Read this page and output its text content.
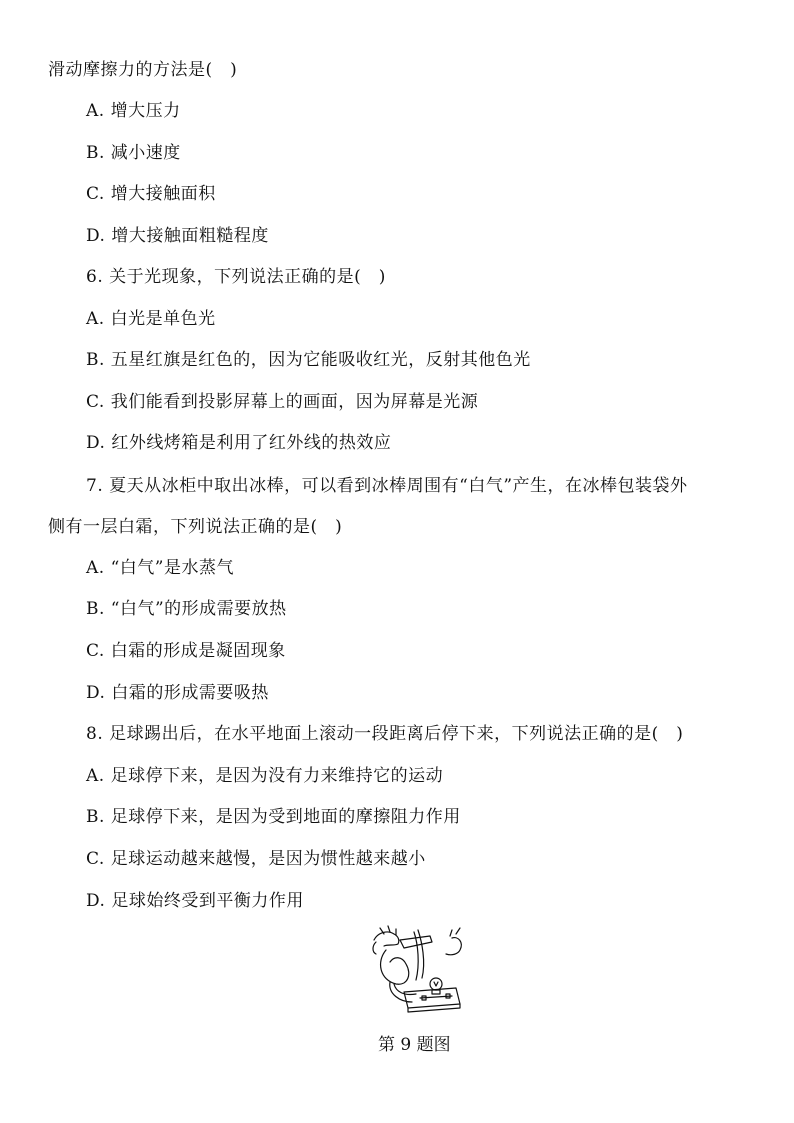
滑动摩擦力的方法是(　)
A. 增大压力
B. 减小速度
C. 增大接触面积
D. 增大接触面粗糙程度
6. 关于光现象，下列说法正确的是(　)
A. 白光是单色光
B. 五星红旗是红色的，因为它能吸收红光，反射其他色光
C. 我们能看到投影屏幕上的画面，因为屏幕是光源
D. 红外线烤箱是利用了红外线的热效应
7. 夏天从冰柜中取出冰棒，可以看到冰棒周围有“白气”产生，在冰棒包装袋外
侧有一层白霜，下列说法正确的是(　)
A. “白气”是水蒸气
B. “白气”的形成需要放热
C. 白霜的形成是凝固现象
D. 白霜的形成需要吸热
8. 足球踢出后，在水平地面上滚动一段距离后停下来，下列说法正确的是(　)
A. 足球停下来，是因为没有力来维持它的运动
B. 足球停下来，是因为受到地面的摩擦阻力作用
C. 足球运动越来越慢，是因为惯性越来越小
D. 足球始终受到平衡力作用
第 9 题图
